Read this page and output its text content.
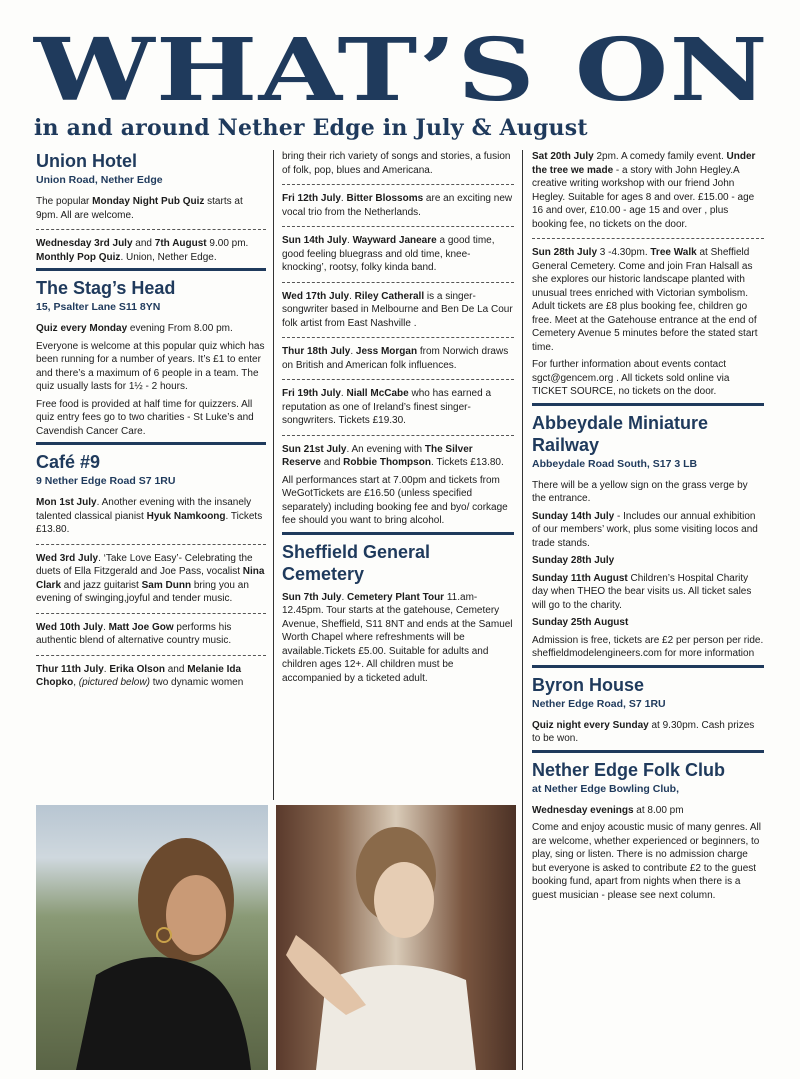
WHAT’S ON
in and around Nether Edge in July & August
Union Hotel
Union Road, Nether Edge

The popular Monday Night Pub Quiz starts at 9pm. All are welcome.

Wednesday 3rd July and 7th August 9.00 pm. Monthly Pop Quiz. Union, Nether Edge.

The Stag’s Head
15, Psalter Lane S11 8YN

Quiz every Monday evening From 8.00 pm.

Everyone is welcome at this popular quiz which has been running for a number of years. It’s £1 to enter and there’s a maximum of 6 people in a team. The quiz usually lasts for 1½ - 2 hours.

Free food is provided at half time for quizzers. All quiz entry fees go to two charities - St Luke’s and Cavendish Cancer Care.

Café #9
9 Nether Edge Road S7 1RU

Mon 1st July. Another evening with the insanely talented classical pianist Hyuk Namkoong. Tickets £13.80.

Wed 3rd July. ‘Take Love Easy’- Celebrating the duets of Ella Fitzgerald and Joe Pass, vocalist Nina Clark and jazz guitarist Sam Dunn bring you an evening of swinging,joyful and tender music.

Wed 10th July. Matt Joe Gow performs his authentic blend of alternative country music.

Thur 11th July. Erika Olson and Melanie Ida Chopko, (pictured below) two dynamic women

bring their rich variety of songs and stories, a fusion of folk, pop, blues and Americana.

Fri 12th July. Bitter Blossoms are an exciting new vocal trio from the Netherlands.

Sun 14th July. Wayward Janeare a good time, good feeling bluegrass and old time, knee-knocking’, rootsy, folky kinda band.

Wed 17th July. Riley Catherall is a singer-songwriter based in Melbourne and Ben De La Cour folk artist from East Nashville .

Thur 18th July. Jess Morgan from Norwich draws on British and American folk influences.

Fri 19th July. Niall McCabe who has earned a reputation as one of Ireland’s finest singer-songwriters. Tickets £19.30.

Sun 21st July. An evening with The Silver Reserve and Robbie Thompson. Tickets £13.80.

All performances start at 7.00pm and tickets from WeGotTickets are £16.50 (unless specified separately) including booking fee and byo/ corkage fee should you want to bring alcohol.

Sheffield General Cemetery

Sun 7th July. Cemetery Plant Tour 11.am-12.45pm. Tour starts at the gatehouse, Cemetery Avenue, Sheffield, S11 8NT and ends at the Samuel Worth Chapel where refreshments will be available.Tickets £5.00. Suitable for adults and children ages 12+. All children must be accompanied by a ticketed adult.

Sat 20th July 2pm. A comedy family event. Under the tree we made - a story with John Hegley.A creative writing workshop with our friend John Hegley. Suitable for ages 8 and over. £15.00 - age 16 and over, £10.00 - age 15 and over , plus booking fee, no tickets on the door.

Sun 28th July 3 -4.30pm. Tree Walk at Sheffield General Cemetery. Come and join Fran Halsall as she explores our historic landscape planted with unusual trees enriched with Victorian symbolism. Adult tickets are £8 plus booking fee, children go free. Meet at the Gatehouse entrance at the end of Cemetery Avenue 5 minutes before the stated start time.

For further information about events contact sgct@gencem.org . All tickets sold online via TICKET SOURCE, no tickets on the door.

Abbeydale Miniature Railway
Abbeydale Road South, S17 3 LB

There will be a yellow sign on the grass verge by the entrance.

Sunday 14th July - Includes our annual exhibition of our members’ work, plus some visiting locos and trade stands.

Sunday 28th July

Sunday 11th August Children’s Hospital Charity day when THEO the bear visits us. All ticket sales will go to the charity.

Sunday 25th August

Admission is free, tickets are £2 per person per ride. sheffieldmodelengineers.com for more information

Byron House
Nether Edge Road, S7 1RU

Quiz night every Sunday at 9.30pm. Cash prizes to be won.

Nether Edge Folk Club
at Nether Edge Bowling Club,

Wednesday evenings at 8.00 pm

Come and enjoy acoustic music of many genres. All are welcome, whether experienced or beginners, to play, sing or listen. There is no admission charge but everyone is asked to contribute £2 to the guest booking fund, apart from nights when there is a guest musician - please see next column.
